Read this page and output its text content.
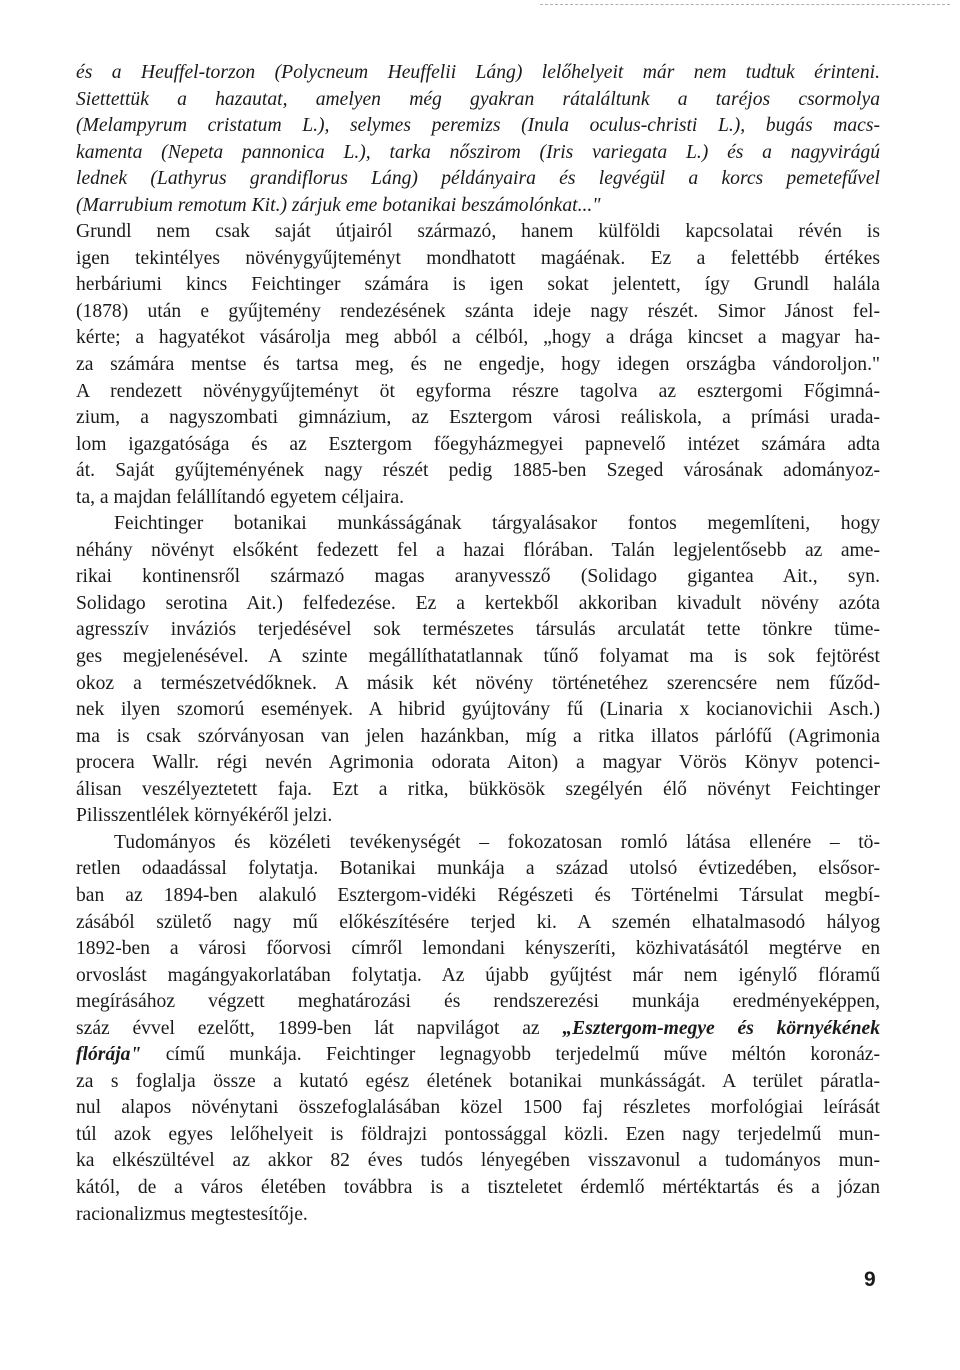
és a Heuffel-torzon (Polycneum Heuffelii Láng) lelőhelyeit már nem tudtuk érinteni.
Siettettük a hazautat, amelyen még gyakran rátaláltunk a taréjos csormolya
(Melampyrum cristatum L.), selymes peremizs (Inula oculus-christi L.), bugás macs-
kamenta (Nepeta pannonica L.), tarka nőszirom (Iris variegata L.) és a nagyvirágú
lednek (Lathyrus grandiflorus Láng) példányaira és legvégül a korcs pemetefűvel
(Marrubium remotum Kit.) zárjuk eme botanikai beszámolónkat..."

Grundl nem csak saját útjairól származó, hanem külföldi kapcsolatai révén is
igen tekintélyes növénygyűjteményt mondhatott magáénak. Ez a felettébb értékes
herbáriumi kincs Feichtinger számára is igen sokat jelentett, így Grundl halála
(1878) után e gyűjtemény rendezésének szánta ideje nagy részét. Simor Jánost fel-
kérte; a hagyatékot vásárolja meg abból a célból, „hogy a drága kincset a magyar ha-
za számára mentse és tartsa meg, és ne engedje, hogy idegen országba vándoroljon."
A rendezett növénygyűjteményt öt egyforma részre tagolva az esztergomi Főgimná-
zium, a nagyszombati gimnázium, az Esztergom városi reáliskola, a prímási urada-
lom igazgatósága és az Esztergom főegyházmegyei papnevelő intézet számára adta
át. Saját gyűjteményének nagy részét pedig 1885-ben Szeged városának adományoz-
ta, a majdan felállítandó egyetem céljaira.

Feichtinger botanikai munkásságának tárgyalásakor fontos megemlíteni, hogy
néhány növényt elsőként fedezett fel a hazai flórában. Talán legjelentősebb az ame-
rikai kontinensről származó magas aranyvessző (Solidago gigantea Ait., syn.
Solidago serotina Ait.) felfedezése. Ez a kertekből akkoriban kivadult növény azóta
agresszív inváziós terjedésével sok természetes társulás arculatát tette tönkre tüme-
ges megjelenésével. A szinte megállíthatatlannak tűnő folyamat ma is sok fejtörést
okoz a természetvédőknek. A másik két növény történetéhez szerencsére nem fűződ-
nek ilyen szomorú események. A hibrid gyújtovány fű (Linaria x kocianovichii Asch.)
ma is csak szórványosan van jelen hazánkban, míg a ritka illatos párlófű (Agrimonia
procera Wallr. régi nevén Agrimonia odorata Aiton) a magyar Vörös Könyv potenci-
álisan veszélyeztetett faja. Ezt a ritka, bükkösök szegélyén élő növényt Feichtinger
Pilisszentlélek környékéről jelzi.

Tudományos és közéleti tevékenységét – fokozatosan romló látása ellenére – tö-
retlen odaadással folytatja. Botanikai munkája a század utolsó évtizedében, elsősor-
ban az 1894-ben alakuló Esztergom-vidéki Régészeti és Történelmi Társulat megbí-
zásából születő nagy mű előkészítésére terjed ki. A szemén elhatalmasodó hályog
1892-ben a városi főorvosi címről lemondani kényszeríti, közhivatásától megtérve en
orvoslást magángyakorlatában folytatja. Az újabb gyűjtést már nem igénylő flóramű
megírásához végzett meghatározási és rendszerezési munkája eredményeképpen,
száz évvel ezelőtt, 1899-ben lát napvilágot az „Esztergom-megye és környékének
flórája" című munkája. Feichtinger legnagyobb terjedelmű műve méltón koronáz-
za s foglalja össze a kutató egész életének botanikai munkásságát. A terület páratla-
nul alapos növénytani összefoglalásában közel 1500 faj részletes morfológiai leírását
túl azok egyes lelőhelyeit is földrajzi pontossággal közli. Ezen nagy terjedelmű mun-
ka elkészültével az akkor 82 éves tudós lényegében visszavonul a tudományos mun-
kától, de a város életében továbbra is a tiszteletet érdemlő mértéktartás és a józan
racionalizmus megtestesítője.

9
